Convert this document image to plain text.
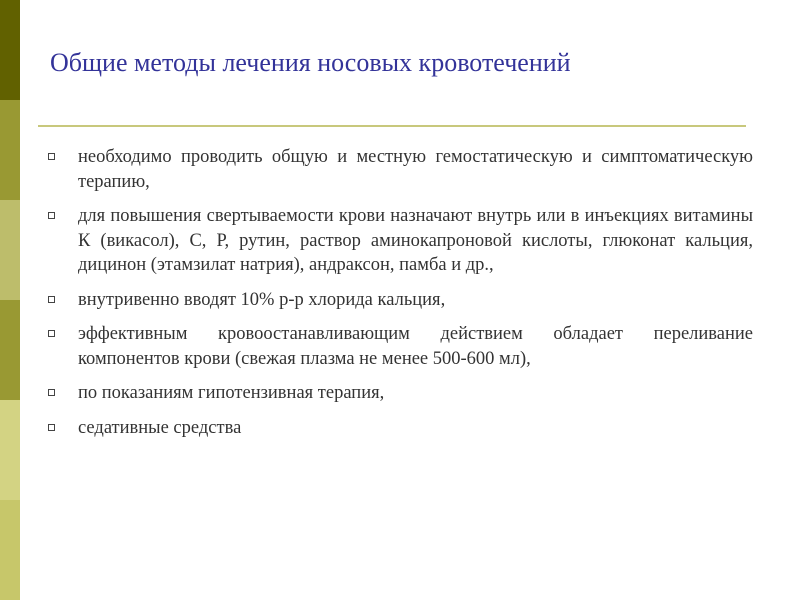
Общие методы лечения носовых кровотечений
необходимо проводить общую и местную гемостатическую и симптоматическую терапию,
для повышения свертываемости крови назначают внутрь или в инъекциях витамины К (викасол), С, Р, рутин, раствор аминокапроновой кислоты, глюконат кальция, дицинон (этамзилат натрия), андраксон, памба и др.,
внутривенно вводят 10% р-р хлорида кальция,
эффективным кровоостанавливающим действием обладает переливание компонентов крови (свежая плазма не менее 500-600 мл),
по показаниям гипотензивная терапия,
седативные средства
